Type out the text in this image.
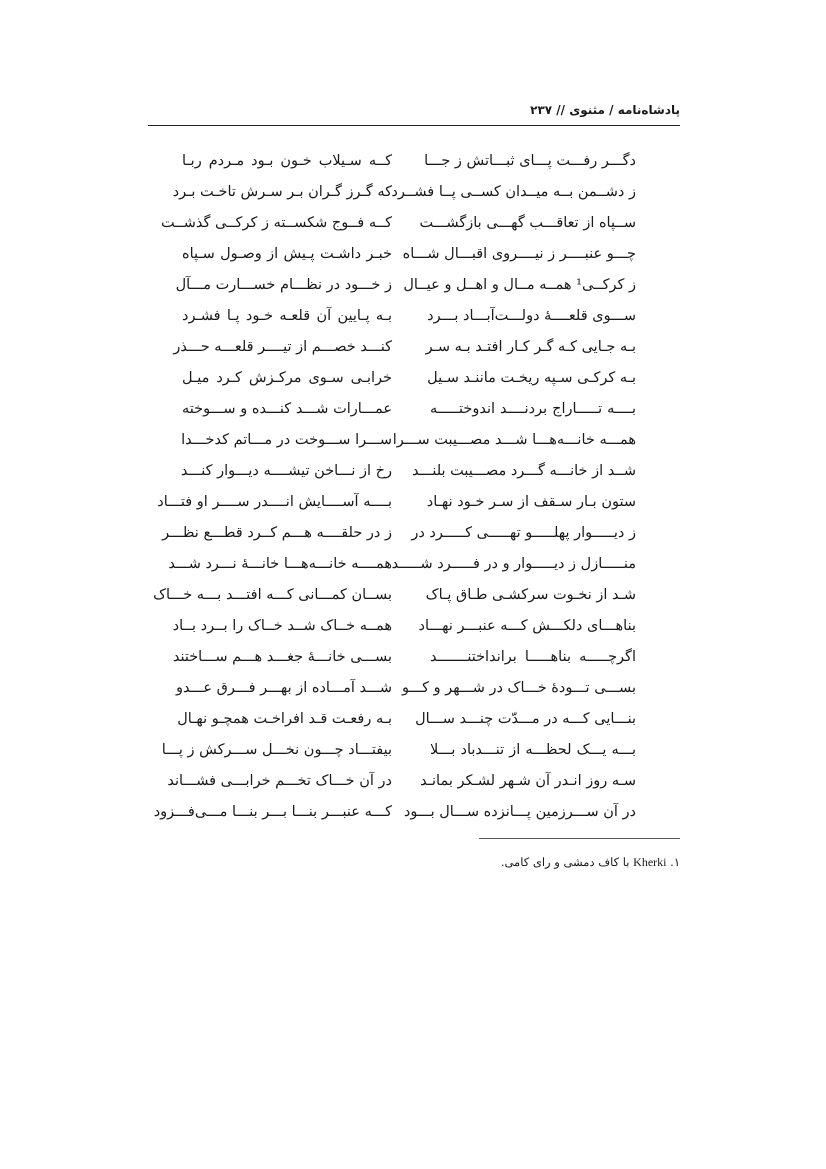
پادشاه‌نامه / مثنوی // ۲۳۷
دگـــر رفـــت پـــای ثبـــاتش ز جـــا
کــه سـیلاب خـون بـود مـردم ربـا
ز دشــمن بــه میــدان کســی پــا فشــرد
که گـرز گـران بـر سـرش تاخـت بـرد
ســپاه از تعاقـــب گهـــی بازگشـــت
کــه فــوج شکســته ز کرکــی گذشــت
چـــو عنبــــر ز نیــــروی اقبـــال شـــاه
خبـر داشـت پـیش از وصـول سـپاه
ز کرکــی¹ همــه مــال و اهــل و عیــال
ز خـــود در نظـــام خســـارت مـــآل
ســـوی قلعــــهٔ دولـــت‌آبـــاد بـــرد
بـه پـایین آن قلعـه خـود پـا فشـرد
بـه جـایی کـه گـر کـار افتـد بـه سـر
کنـــد خصـــم از تیــــر قلعـــه حـــذر
بـه کرکـی سـپه ریخـت ماننـد سـیل
خرابـی سـوی مرکـزش کـرد میـل
بــــه تـــــاراج بردنــــد اندوختـــــه
عمـــارات شـــد کنـــده و ســـوخته
همـــه خانـــه‌هـــا شـــد مصـــیبت ســـرا
ســـرا ســـوخت در مـــاتم کدخـــدا
شــد از خانـــه گـــرد مصـــیبت بلنـــد
رخ از نـــاخن تیشــــه دیـــوار کنـــد
ستون بـار سـقف از سـر خـود نهـاد
بــــه آســــایش انــــدر ســــر او فتـــاد
ز دیـــــوار پهلـــــو تهـــــی کـــــرد در
ز در حلقــــه هـــم کــرد قطـــع نظـــر
منـــــازل ز دیـــــوار و در فـــــرد شـــــد
همــــه خانـــه‌هـــا خانـــهٔ نـــرد شـــد
شـد از نخـوت سرکشـی طـاق پـاک
بســان کمـــانی کـــه افتـــد بـــه خـــاک
بناهـــای دلکـــش کـــه عنبـــر نهـــاد
همــه خــاک شــد خــاک را بــرد بــاد
اگرچـــــه بناهـــــا برانداختنـــــــد
بســـی خانـــهٔ جغـــد هـــم ســـاختند
بســـی تـــودهٔ خـــاک در شـــهر و کـــو
شـــد آمـــاده از بهـــر فـــرق عـــدو
بنـــایی کـــه در مـــدّت چنـــد ســـال
بـه رفعـت قـد افراخـت همچـو نهـال
بـــه یـــک لحظـــه از تنـــدباد بـــلا
بیفتـــاد چـــون نخـــل ســـرکش ز پـــا
سـه روز انـدر آن شـهر لشـکر بمانـد
در آن خـــاک تخـــم خرابـــی فشـــاند
در آن ســـرزمین پـــانزده ســـال بـــود
کـــه عنبـــر بنـــا بـــر بنـــا مـــی‌فـــزود
۱. Kherki با کاف دمشی و رای کامی.
